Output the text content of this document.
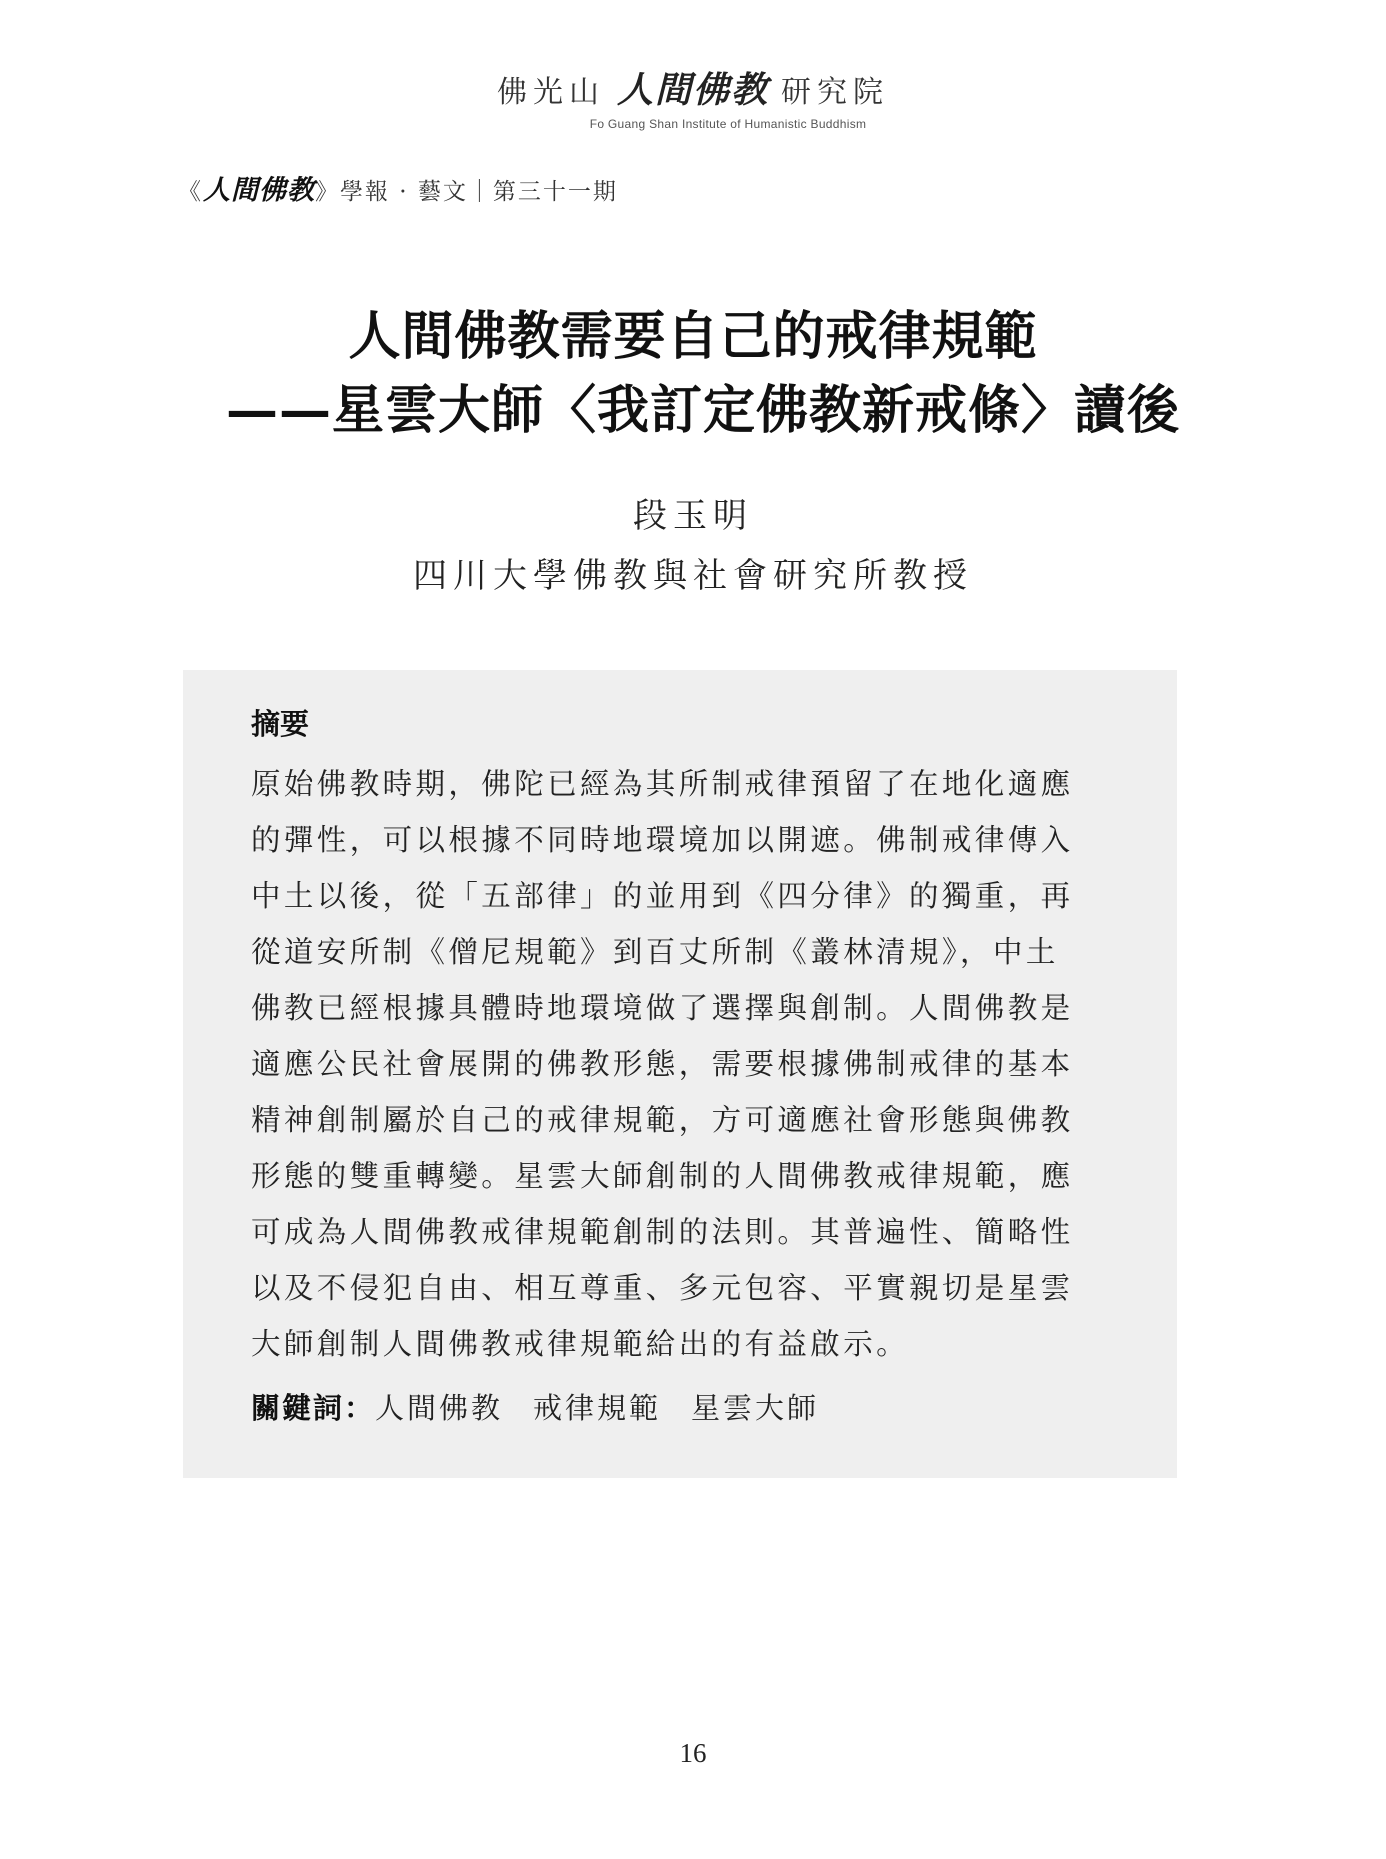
佛光山 人間佛教 研究院
Fo Guang Shan Institute of Humanistic Buddhism
《人間佛教》學報 · 藝文｜第三十一期
人間佛教需要自己的戒律規範
——星雲大師〈我訂定佛教新戒條〉讀後
段玉明
四川大學佛教與社會研究所教授
摘要
原始佛教時期，佛陀已經為其所制戒律預留了在地化適應
的彈性，可以根據不同時地環境加以開遮。佛制戒律傳入
中土以後，從「五部律」的並用到《四分律》的獨重，再
從道安所制《僧尼規範》到百丈所制《叢林清規》，中土
佛教已經根據具體時地環境做了選擇與創制。人間佛教是
適應公民社會展開的佛教形態，需要根據佛制戒律的基本
精神創制屬於自己的戒律規範，方可適應社會形態與佛教
形態的雙重轉變。星雲大師創制的人間佛教戒律規範，應
可成為人間佛教戒律規範創制的法則。其普遍性、簡略性
以及不侵犯自由、相互尊重、多元包容、平實親切是星雲
大師創制人間佛教戒律規範給出的有益啟示。
關鍵詞：人間佛教 戒律規範 星雲大師
16
